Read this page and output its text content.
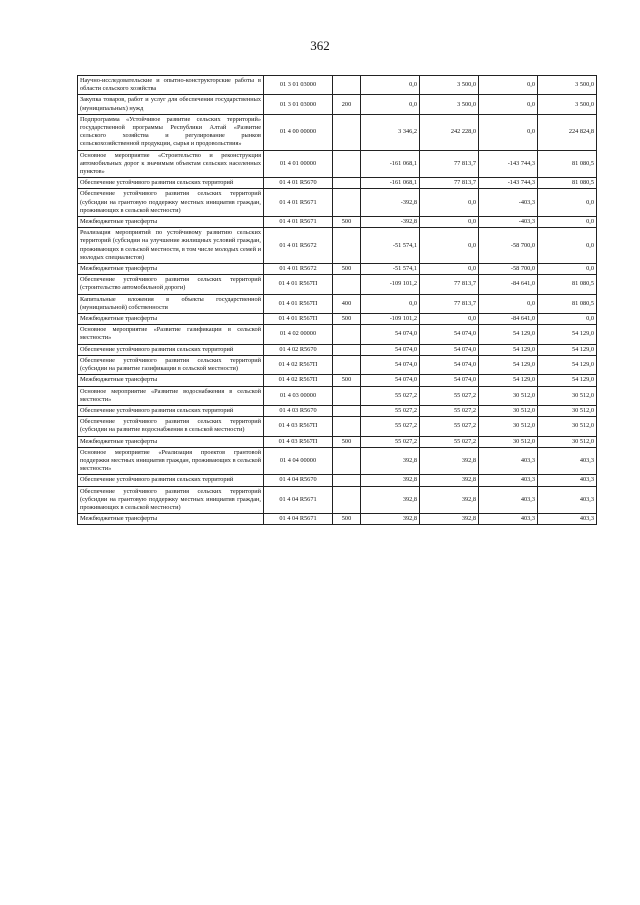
362
Научно-исследовательские и опытно-конструкторские работы в области сельского хозяйства	01 3 01 03000		0,0	3 500,0	0,0	3 500,0
Закупка товаров, работ и услуг для обеспечения государственных (муниципальных) нужд	01 3 01 03000	200	0,0	3 500,0	0,0	3 500,0
Подпрограмма «Устойчивое развитие сельских территорий» государственной программы Республики Алтай «Развитие сельского хозяйства и регулирование рынков сельскохозяйственной продукции, сырья и продовольствия»	01 4 00 00000		3 346,2	242 228,0	0,0	224 824,8
Основное мероприятие «Строительство и реконструкция автомобильных дорог к значимым объектам сельских населенных пунктов»	01 4 01 00000		-161 068,1	77 813,7	-143 744,3	81 080,5
Обеспечение устойчивого развития сельских территорий	01 4 01 R5670		-161 068,1	77 813,7	-143 744,3	81 080,5
Обеспечение устойчивого развития сельских территорий (субсидии на грантовую поддержку местных инициатив граждан, проживающих в сельской местности)	01 4 01 R5671		-392,8	0,0	-403,3	0,0
Межбюджетные трансферты	01 4 01 R5671	500	-392,8	0,0	-403,3	0,0
Реализация мероприятий по устойчивому развитию сельских территорий (субсидии на улучшение жилищных условий граждан, проживающих в сельской местности, в том числе молодых семей и молодых специалистов)	01 4 01 R5672		-51 574,1	0,0	-58 700,0	0,0
Межбюджетные трансферты	01 4 01 R5672	500	-51 574,1	0,0	-58 700,0	0,0
Обеспечение устойчивого развития сельских территорий (строительство автомобильной дороги)	01 4 01 R567П		-109 101,2	77 813,7	-84 641,0	81 080,5
Капитальные вложения в объекты государственной (муниципальной) собственности	01 4 01 R567П	400	0,0	77 813,7	0,0	81 080,5
Межбюджетные трансферты	01 4 01 R567П	500	-109 101,2	0,0	-84 641,0	0,0
Основное мероприятие «Развитие газификации в сельской местности»	01 4 02 00000		54 074,0	54 074,0	54 129,0	54 129,0
Обеспечение устойчивого развития сельских территорий	01 4 02 R5670		54 074,0	54 074,0	54 129,0	54 129,0
Обеспечение устойчивого развития сельских территорий (субсидии на развитие газификации в сельской местности)	01 4 02 R567П		54 074,0	54 074,0	54 129,0	54 129,0
Межбюджетные трансферты	01 4 02 R567П	500	54 074,0	54 074,0	54 129,0	54 129,0
Основное мероприятие «Развитие водоснабжения в сельской местности»	01 4 03 00000		55 027,2	55 027,2	30 512,0	30 512,0
Обеспечение устойчивого развития сельских территорий	01 4 03 R5670		55 027,2	55 027,2	30 512,0	30 512,0
Обеспечение устойчивого развития сельских территорий (субсидии на развитие водоснабжения в сельской местности)	01 4 03 R567П		55 027,2	55 027,2	30 512,0	30 512,0
Межбюджетные трансферты	01 4 03 R567П	500	55 027,2	55 027,2	30 512,0	30 512,0
Основное мероприятие «Реализация проектов грантовой поддержки местных инициатив граждан, проживающих в сельской местности»	01 4 04 00000		392,8	392,8	403,3	403,3
Обеспечение устойчивого развития сельских территорий	01 4 04 R5670		392,8	392,8	403,3	403,3
Обеспечение устойчивого развития сельских территорий (субсидии на грантовую поддержку местных инициатив граждан, проживающих в сельской местности)	01 4 04 R5671		392,8	392,8	403,3	403,3
Межбюджетные трансферты	01 4 04 R5671	500	392,8	392,8	403,3	403,3
